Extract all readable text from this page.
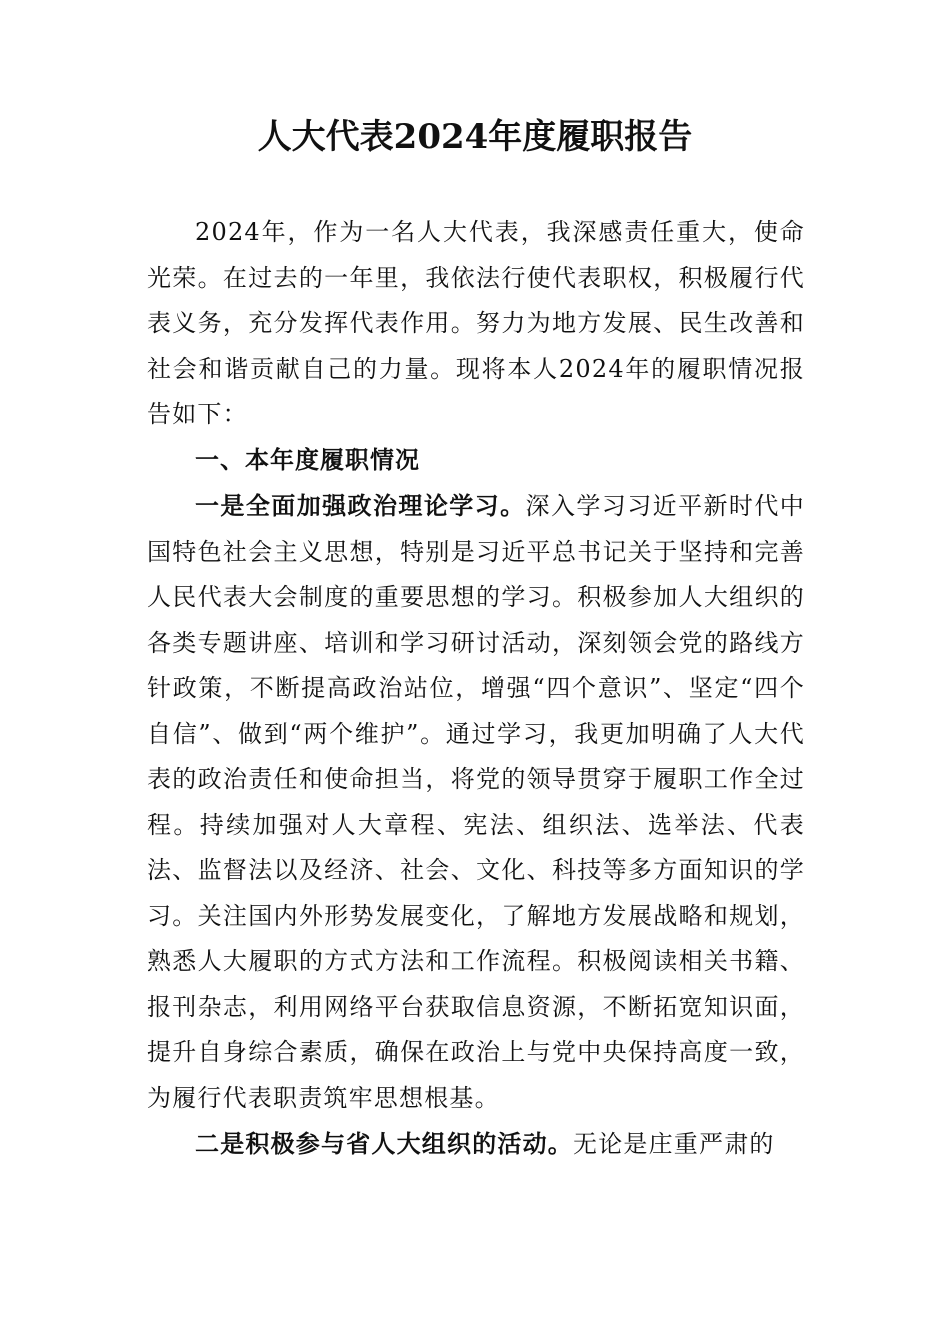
人大代表2024年度履职报告

2024年，作为一名人大代表，我深感责任重大，使命光荣。在过去的一年里，我依法行使代表职权，积极履行代表义务，充分发挥代表作用。努力为地方发展、民生改善和社会和谐贡献自己的力量。现将本人2024年的履职情况报告如下：

一、本年度履职情况

一是全面加强政治理论学习。深入学习习近平新时代中国特色社会主义思想，特别是习近平总书记关于坚持和完善人民代表大会制度的重要思想的学习。积极参加人大组织的各类专题讲座、培训和学习研讨活动，深刻领会党的路线方针政策，不断提高政治站位，增强“四个意识”、坚定“四个自信”、做到“两个维护”。通过学习，我更加明确了人大代表的政治责任和使命担当，将党的领导贯穿于履职工作全过程。持续加强对人大章程、宪法、组织法、选举法、代表法、监督法以及经济、社会、文化、科技等多方面知识的学习。关注国内外形势发展变化，了解地方发展战略和规划，熟悉人大履职的方式方法和工作流程。积极阅读相关书籍、报刊杂志，利用网络平台获取信息资源，不断拓宽知识面，提升自身综合素质，确保在政治上与党中央保持高度一致，为履行代表职责筑牢思想根基。

二是积极参与省人大组织的活动。无论是庄重严肃的
